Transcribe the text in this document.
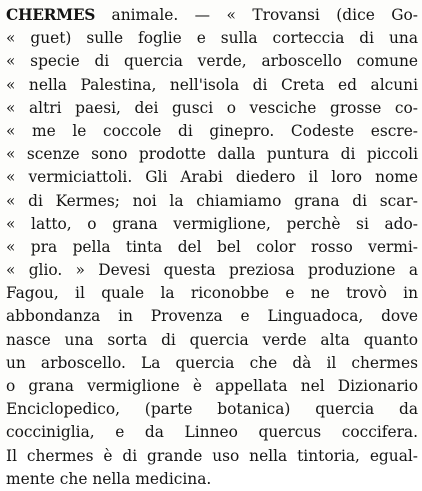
CHERMES animale. — « Trovansi (dice Go-
« guet) sulle foglie e sulla corteccia di una
« specie di quercia verde, arboscello comune
« nella Palestina, nell'isola di Creta ed alcuni
« altri paesi, dei gusci o vesciche grosse co-
« me le coccole di ginepro. Codeste escre-
« scenze sono prodotte dalla puntura di piccoli
« vermiciattoli. Gli Arabi diedero il loro nome
« di Kermes; noi la chiamiamo grana di scar-
« latto, o grana vermiglione, perchè si ado-
« pra pella tinta del bel color rosso vermi-
« glio. » Devesi questa preziosa produzione a
Fagou, il quale la riconobbe e ne trovò in
abbondanza in Provenza e Linguadoca, dove
nasce una sorta di quercia verde alta quanto
un arboscello. La quercia che dà il chermes
o grana vermiglione è appellata nel Dizionario
Enciclopedico, (parte botanica) quercia da
cocciniglia, e da Linneo quercus coccifera.
Il chermes è di grande uso nella tintoria, egual-
mente che nella medicina.
